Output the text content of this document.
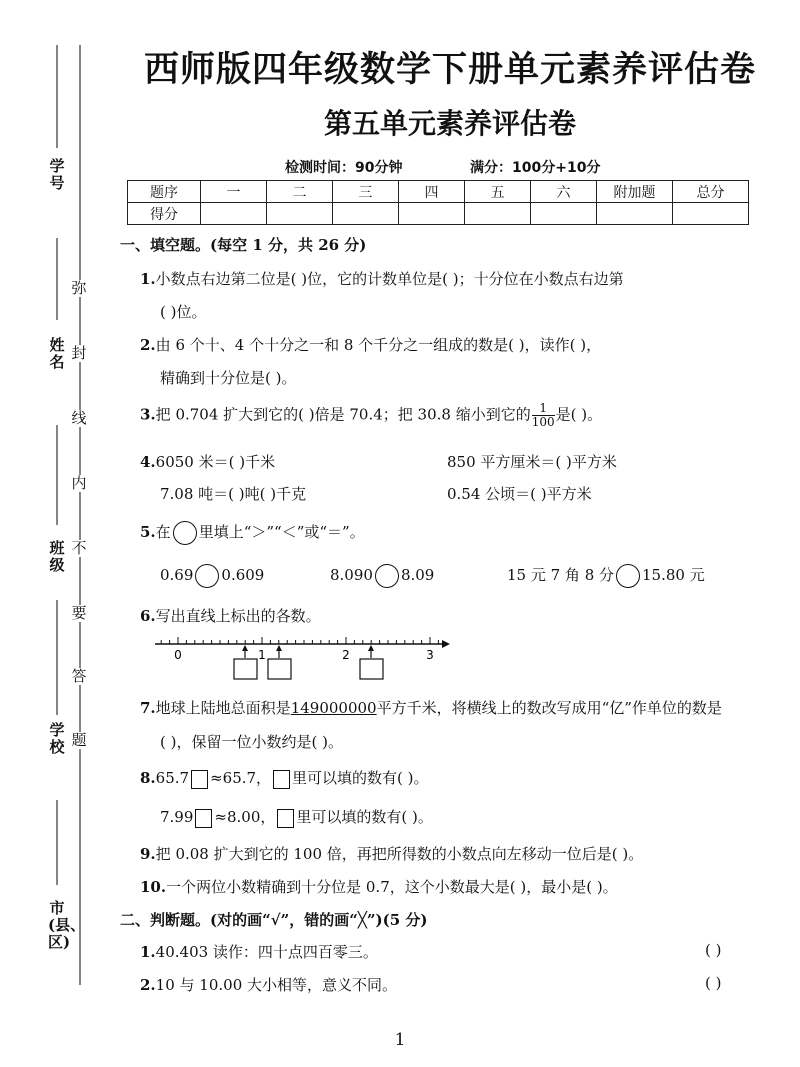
学号
姓名
班级
学校
市(县、区)
弥
封
线
内
不
要
答
题
西师版四年级数学下册单元素养评估卷
第五单元素养评估卷
检测时间：90分钟	满分：100分+10分
题序	一	二	三	四	五	六	附加题	总分
得分								
一、填空题。(每空 1 分，共 26 分)
1.小数点右边第二位是( )位，它的计数单位是( )；十分位在小数点右边第
( )位。
2.由 6 个十、4 个十分之一和 8 个千分之一组成的数是( )，读作( )，
精确到十分位是( )。
3.把 0.704 扩大到它的( )倍是 70.4；把 30.8 缩小到它的 $\frac{1}{100}$ 是( )。
4.6050 米＝( )千米	850 平方厘米＝( )平方米
7.08 吨＝( )吨( )千克	0.54 公顷＝( )平方米
5.在 里填上“＞”“＜”或“＝”。
0.69 0.609	8.090 8.09	15 元 7 角 8 分 15.80 元
6.写出直线上标出的各数。
0	1	2	3
7.地球上陆地总面积是149000000平方千米，将横线上的数改写成用“亿”作单位的数是
( )，保留一位小数约是( )。
8.65.7 ≈65.7， 里可以填的数有( )。
7.99 ≈8.00， 里可以填的数有( )。
9.把 0.08 扩大到它的 100 倍，再把所得数的小数点向左移动一位后是( )。
10.一个两位小数精确到十分位是 0.7，这个小数最大是( )，最小是( )。
二、判断题。(对的画“√”，错的画“╳”)(5 分)
1.40.403 读作：四十点四百零三。	( )
2.10 与 10.00 大小相等，意义不同。	( )
1
